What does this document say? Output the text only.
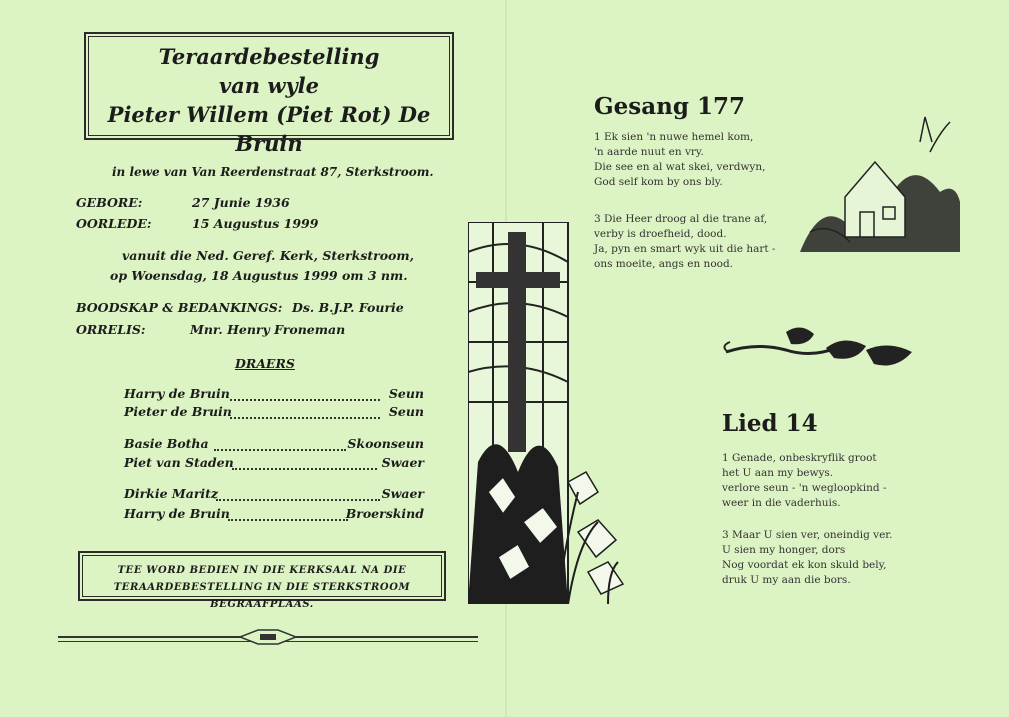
Teraardebestelling
van wyle
Pieter Willem (Piet Rot) De Bruin
in lewe van Van Reerdenstraat 87, Sterkstroom.
GEBORE:	27 Junie 1936
OORLEDE:	15 Augustus 1999
vanuit die Ned. Geref. Kerk, Sterkstroom,
op Woensdag, 18 Augustus 1999 om 3 nm.
BOODSKAP & BEDANKINGS: Ds. B.J.P. Fourie
ORRELIS:	Mnr. Henry Froneman
DRAERS
Harry de Bruin	Seun
Pieter de Bruin	Seun
Basie Botha	Skoonseun
Piet van Staden	Swaer
Dirkie Maritz	Swaer
Harry de Bruin	Broerskind
TEE WORD BEDIEN IN DIE KERKSAAL NA DIE
TERAARDEBESTELLING IN DIE STERKSTROOM BEGRAAFPLAAS.
Gesang 177
1 Ek sien 'n nuwe hemel kom,
'n aarde nuut en vry.
Die see en al wat skei, verdwyn,
God self kom by ons bly.
3 Die Heer droog al die trane af,
verby is droefheid, dood.
Ja, pyn en smart wyk uit die hart -
ons moeite, angs en nood.
Lied 14
1 Genade, onbeskryflik groot
het U aan my bewys.
verlore seun - 'n wegloopkind -
weer in die vaderhuis.
3 Maar U sien ver, oneindig ver.
U sien my honger, dors
Nog voordat ek kon skuld bely,
druk U my aan die bors.
